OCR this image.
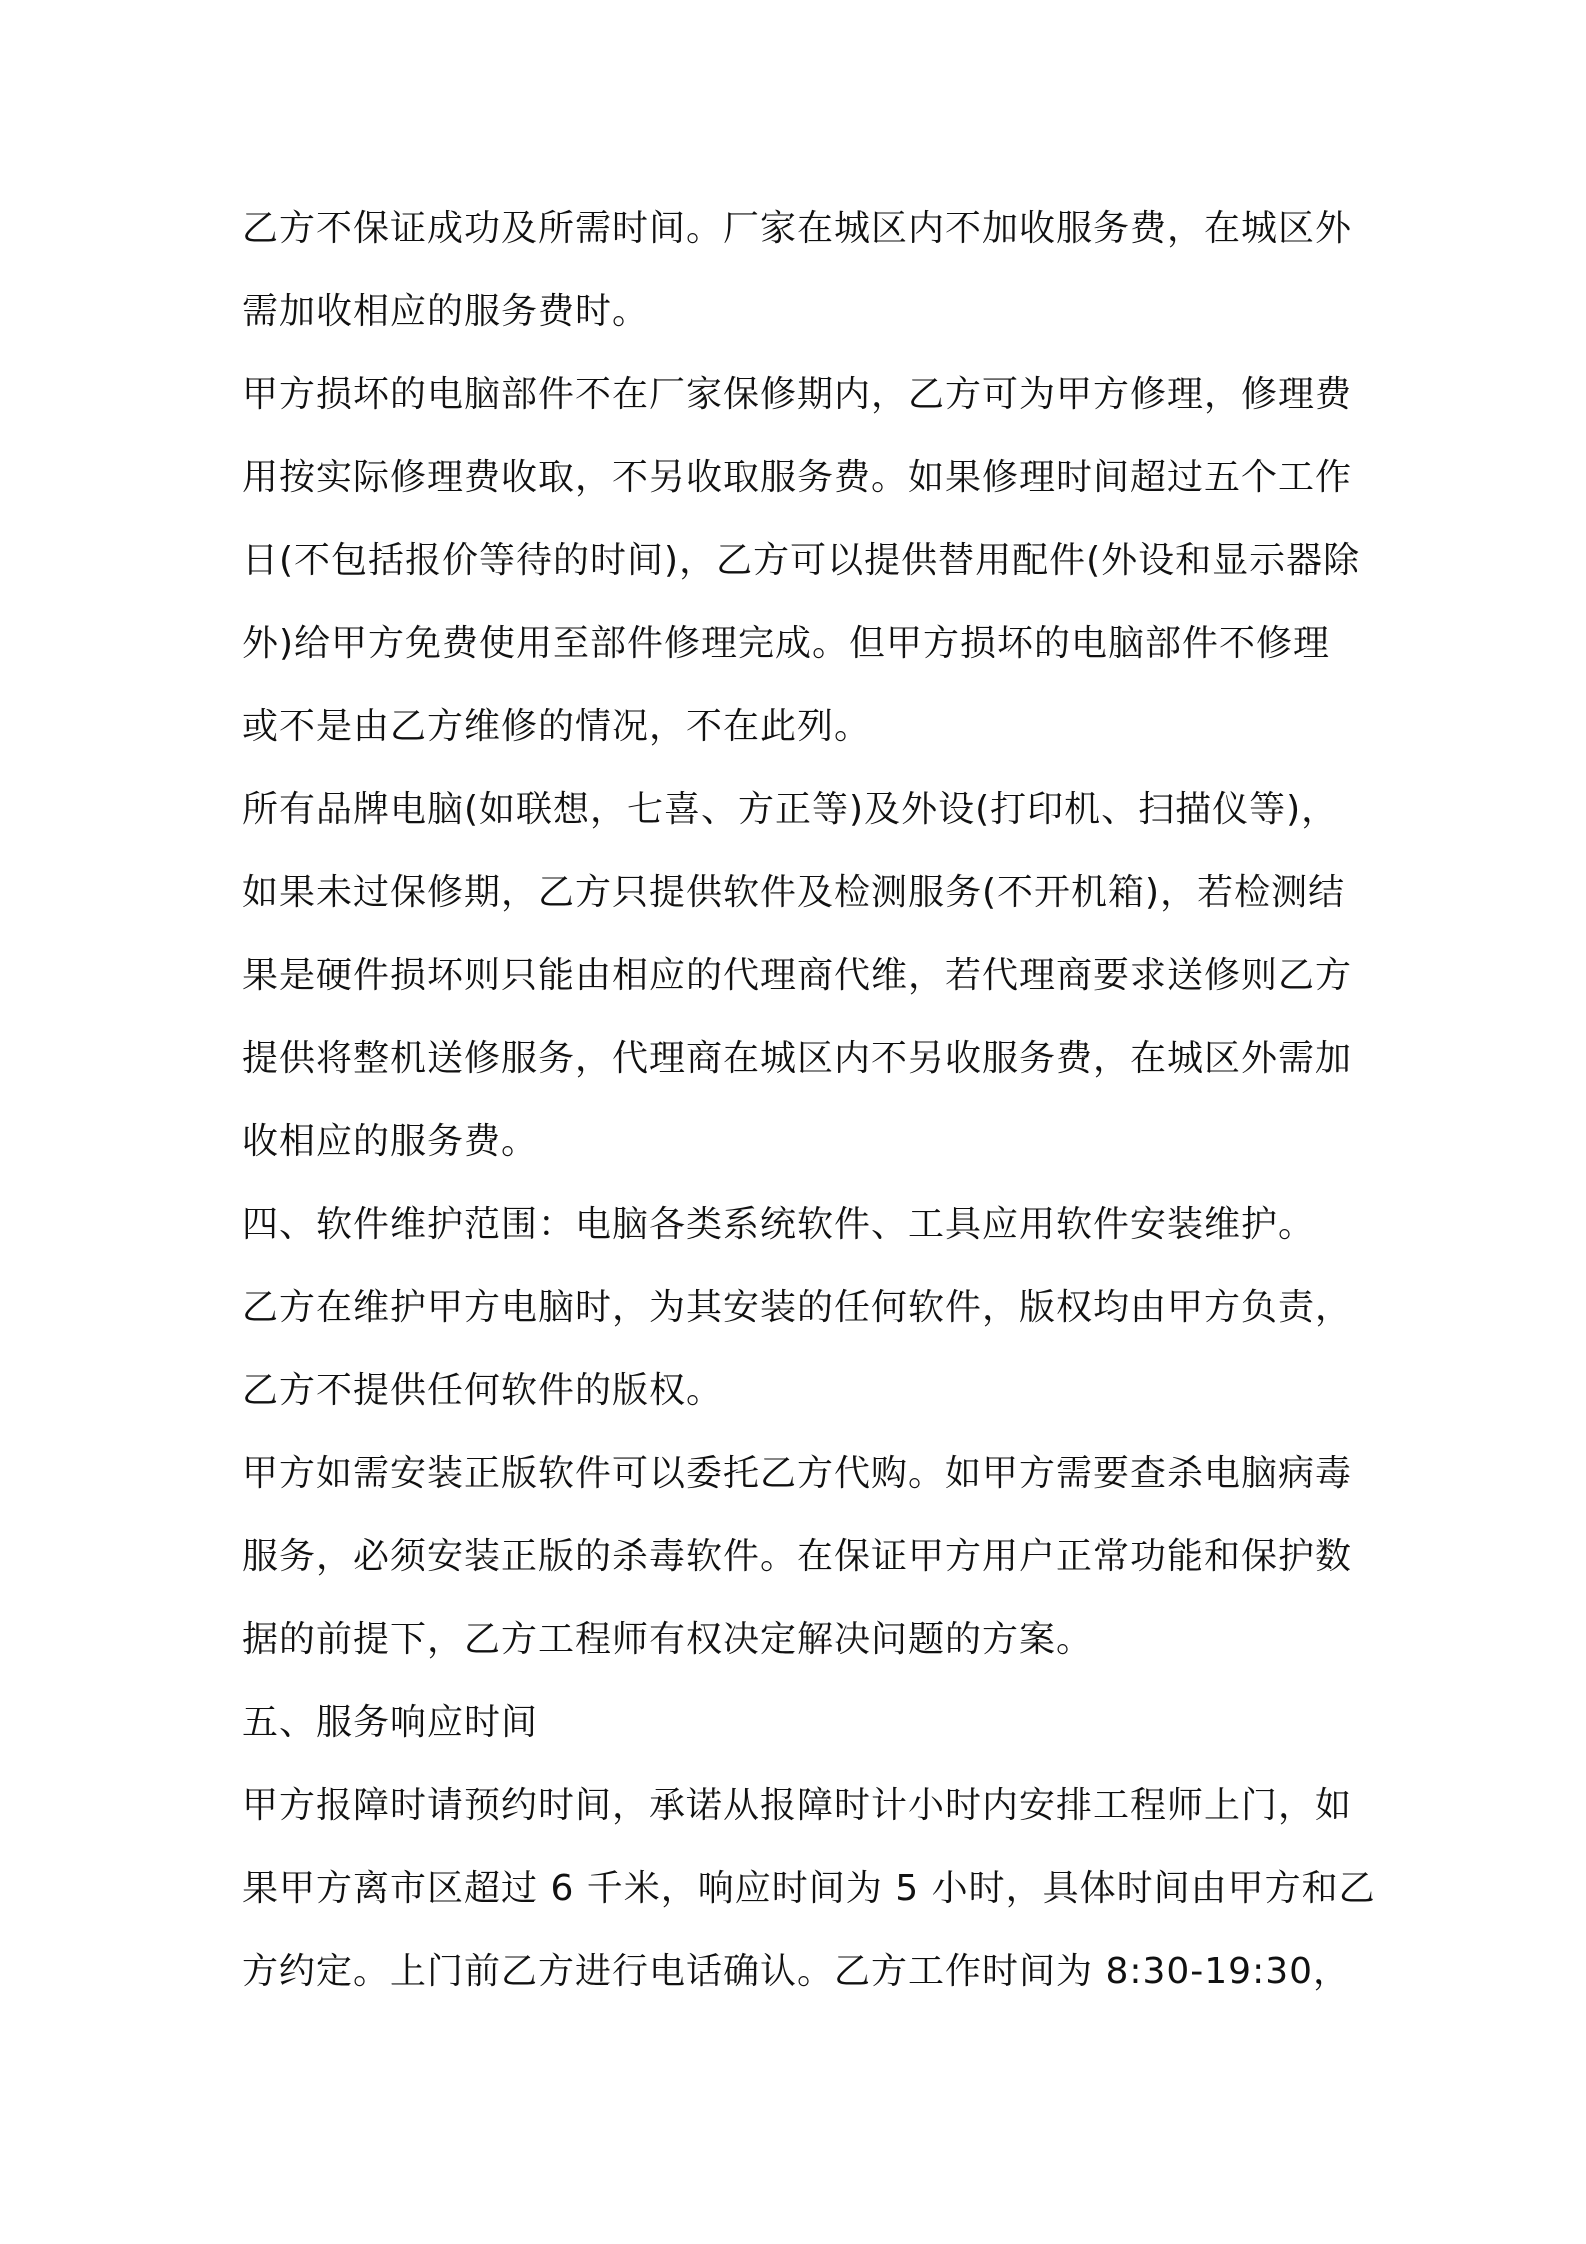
乙方不保证成功及所需时间。厂家在城区内不加收服务费，在城区外
需加收相应的服务费时。
甲方损坏的电脑部件不在厂家保修期内，乙方可为甲方修理，修理费
用按实际修理费收取，不另收取服务费。如果修理时间超过五个工作
日(不包括报价等待的时间)，乙方可以提供替用配件(外设和显示器除
外)给甲方免费使用至部件修理完成。但甲方损坏的电脑部件不修理
或不是由乙方维修的情况，不在此列。
所有品牌电脑(如联想，七喜、方正等)及外设(打印机、扫描仪等)，
如果未过保修期，乙方只提供软件及检测服务(不开机箱)，若检测结
果是硬件损坏则只能由相应的代理商代维，若代理商要求送修则乙方
提供将整机送修服务，代理商在城区内不另收服务费，在城区外需加
收相应的服务费。
四、软件维护范围：电脑各类系统软件、工具应用软件安装维护。
乙方在维护甲方电脑时，为其安装的任何软件，版权均由甲方负责，
乙方不提供任何软件的版权。
甲方如需安装正版软件可以委托乙方代购。如甲方需要查杀电脑病毒
服务，必须安装正版的杀毒软件。在保证甲方用户正常功能和保护数
据的前提下，乙方工程师有权决定解决问题的方案。
五、服务响应时间
甲方报障时请预约时间，承诺从报障时计小时内安排工程师上门，如
果甲方离市区超过 6 千米，响应时间为 5 小时，具体时间由甲方和乙
方约定。上门前乙方进行电话确认。乙方工作时间为 8:30-19:30，
